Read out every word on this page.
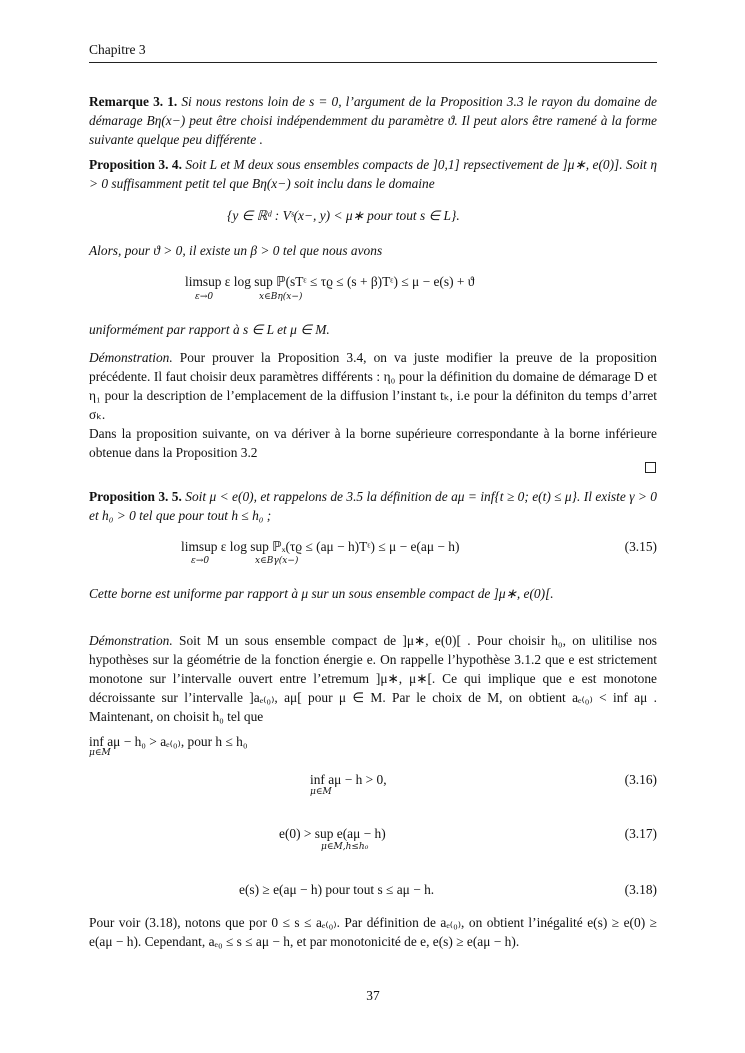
Chapitre 3
Remarque 3. 1. Si nous restons loin de s = 0, l’argument de la Proposition 3.3 le rayon du domaine de démarage Bη(x−) peut être choisi indépendemment du paramètre ϑ. Il peut alors être ramené à la forme suivante quelque peu différente .
Proposition 3. 4. Soit L et M deux sous ensembles compacts de ]0,1] repsectivement de ]μ∗, e(0)]. Soit η > 0 suffisamment petit tel que Bη(x−) soit inclu dans le domaine
{y ∈ ℝᵈ : Vˢ(x−, y) < μ∗ pour tout s ∈ L}.
Alors, pour ϑ > 0, il existe un β > 0 tel que nous avons
limsup ε log sup ℙ(sTᵋ ≤ τϱ ≤ (s + β)Tᵋ) ≤ μ − e(s) + ϑ
ε→0	x∈Bη(x−)
uniformément par rapport à s ∈ L et μ ∈ M.
Démonstration. Pour prouver la Proposition 3.4, on va juste modifier la preuve de la proposition précédente. Il faut choisir deux paramètres différents : η₀ pour la définition du domaine de démarage D et η₁ pour la description de l’emplacement de la diffusion l’instant tₖ, i.e pour la définiton du temps d’arret σₖ.
Dans la proposition suivante, on va dériver à la borne supérieure correspondante à la borne inférieure obtenue dans la Proposition 3.2
Proposition 3. 5. Soit μ < e(0), et rappelons de 3.5 la définition de aμ = inf{t ≥ 0; e(t) ≤ μ}. Il existe γ > 0 et h₀ > 0 tel que pour tout h ≤ h₀ ;
limsup ε log sup ℙₓ(τϱ ≤ (aμ − h)Tᵋ) ≤ μ − e(aμ − h)
ε→0	x∈Bγ(x−)
(3.15)
Cette borne est uniforme par rapport à μ sur un sous ensemble compact de ]μ∗, e(0)[.
Démonstration. Soit M un sous ensemble compact de ]μ∗, e(0)[ . Pour choisir h₀, on ulitilise nos hypothèses sur la géométrie de la fonction énergie e. On rappelle l’hypothèse 3.1.2 que e est strictement monotone sur l’intervalle ouvert entre l’etremum ]μ∗, μ∗[. Ce qui implique que e est monotone décroissante sur l’intervalle ]aₑ₍₀₎, aμ[ pour μ ∈ M. Par le choix de M, on obtient aₑ₍₀₎ < inf aμ . Maintenant, on choisit h₀ tel que
inf aμ − h₀ > aₑ₍₀₎, pour h ≤ h₀
μ∈M
inf aμ − h > 0,
μ∈M
(3.16)
e(0) > sup e(aμ − h)
μ∈M,h≤h₀
(3.17)
e(s) ≥ e(aμ − h) pour tout s ≤ aμ − h.	(3.18)
Pour voir (3.18), notons que por 0 ≤ s ≤ aₑ₍₀₎. Par définition de aₑ₍₀₎, on obtient l’inégalité e(s) ≥ e(0) ≥ e(aμ − h). Cependant, aₑ₀ ≤ s ≤ aμ − h, et par monotonicité de e, e(s) ≥ e(aμ − h).
37
